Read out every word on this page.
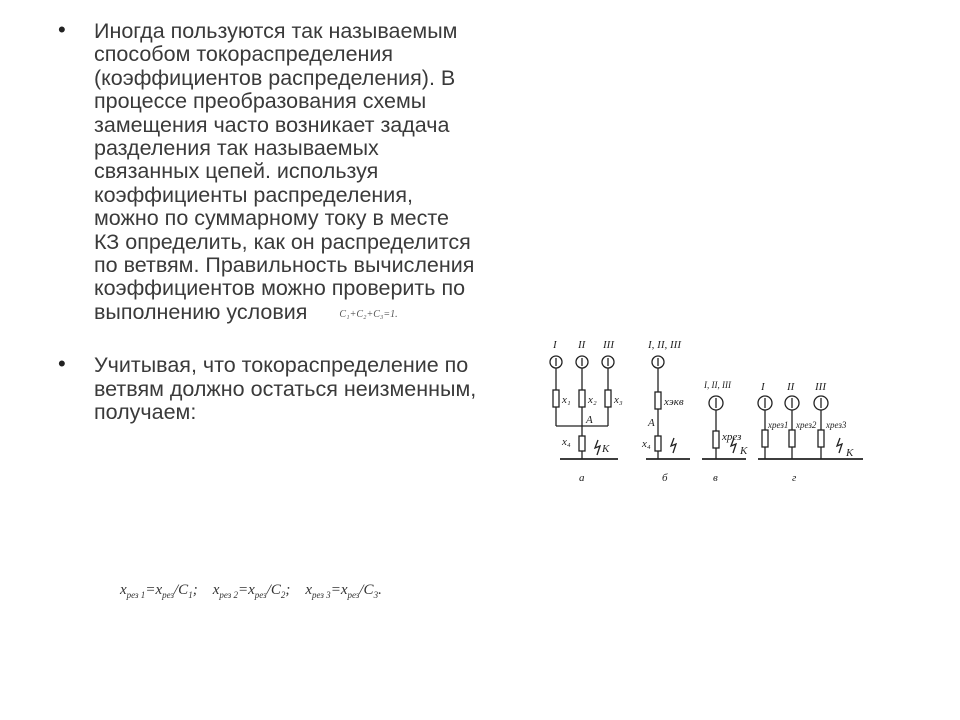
• Иногда пользуются так называемым способом токораспределения (коэффициентов распределения). В процессе преобразования схемы замещения часто возникает задача разделения так называемых связанных цепей. используя коэффициенты распределения, можно по суммарному току в месте КЗ определить, как он распределится по ветвям. Правильность вычисления коэффициентов можно проверить по выполнению условия	C₁+C₂+C₃=1.
• Учитывая, что токораспределение по ветвям должно остаться неизменным, получаем:
$x_{рез 1}=x_{рез}/C_1$;    $x_{рез 2}=x_{рез}/C_2$;    $x_{рез 3}=x_{рез}/C_3$.
I II III
x₁ x₂ x₃
A
x₄
K
а
I, II, III
xэкв
A
x₄
б
I, II, III
xрез
K
в
I II III
xрез1 xрез2 xрез3
K
г
